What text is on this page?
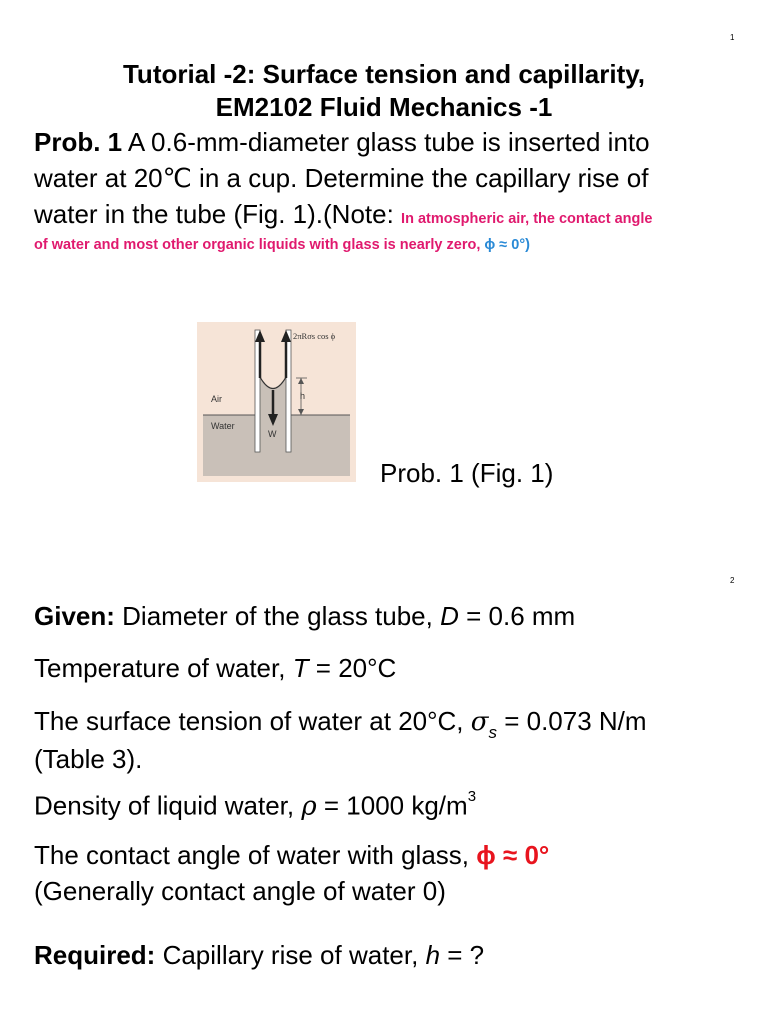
1
Tutorial -2: Surface tension and capillarity,
EM2102 Fluid Mechanics -1
Prob. 1 A 0.6-mm-diameter glass tube is inserted into
water at 20℃ in a cup. Determine the capillary rise of
water in the tube (Fig. 1).(Note: In atmospheric air, the contact angle
of water and most other organic liquids with glass is nearly zero, ϕ ≈ 0°)
h
2πRσs cos ϕ
Air
Water
W
Prob. 1 (Fig. 1)
2
Given: Diameter of the glass tube, D = 0.6 mm
Temperature of water, T = 20°C
The surface tension of water at 20°C, $\sigma_s = 0.073$ N/m
(Table 3).
Density of liquid water, ρ = 1000 $kg/m^3$
The contact angle of water with glass, ϕ ≈ 0°
(Generally contact angle of water 0)
Required: Capillary rise of water, h = ?
